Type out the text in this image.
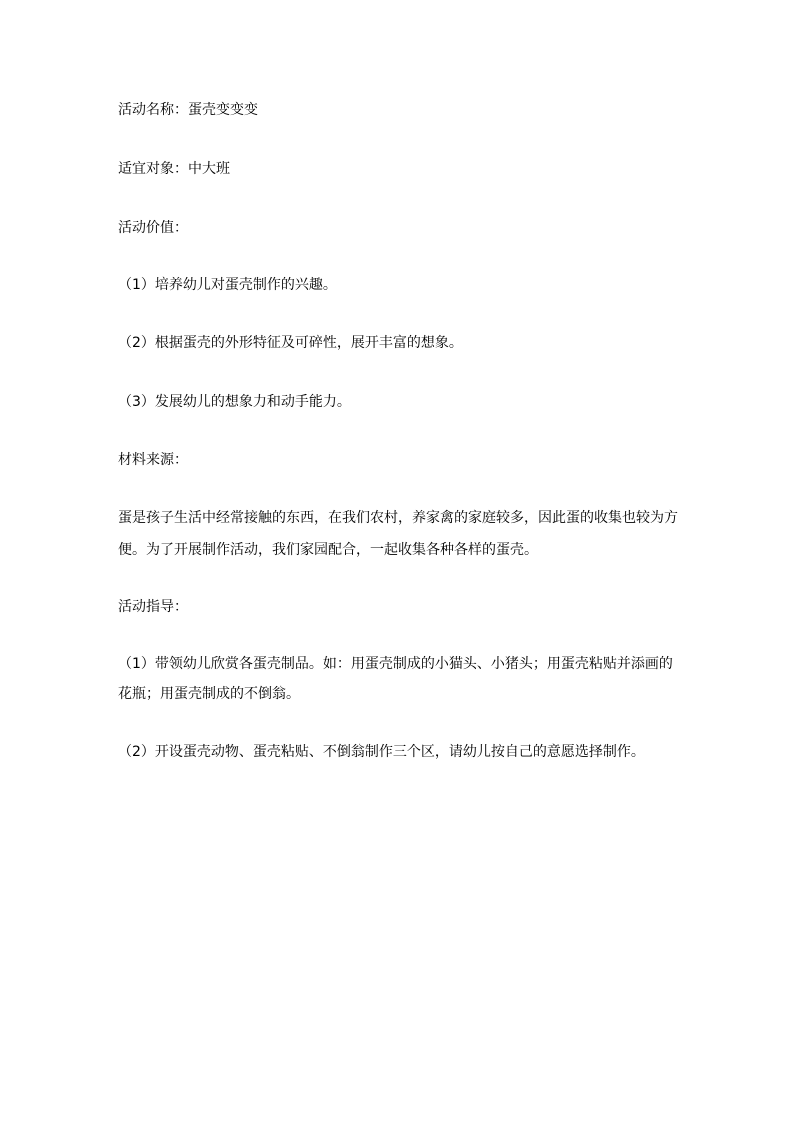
活动名称：蛋壳变变变
适宜对象：中大班
活动价值：
（1）培养幼儿对蛋壳制作的兴趣。
（2）根据蛋壳的外形特征及可碎性，展开丰富的想象。
（3）发展幼儿的想象力和动手能力。
材料来源：
蛋是孩子生活中经常接触的东西，在我们农村，养家禽的家庭较多，因此蛋的收集也较为方
便。为了开展制作活动，我们家园配合，一起收集各种各样的蛋壳。
活动指导：
（1）带领幼儿欣赏各蛋壳制品。如：用蛋壳制成的小猫头、小猪头；用蛋壳粘贴并添画的
花瓶；用蛋壳制成的不倒翁。
（2）开设蛋壳动物、蛋壳粘贴、不倒翁制作三个区，请幼儿按自己的意愿选择制作。
